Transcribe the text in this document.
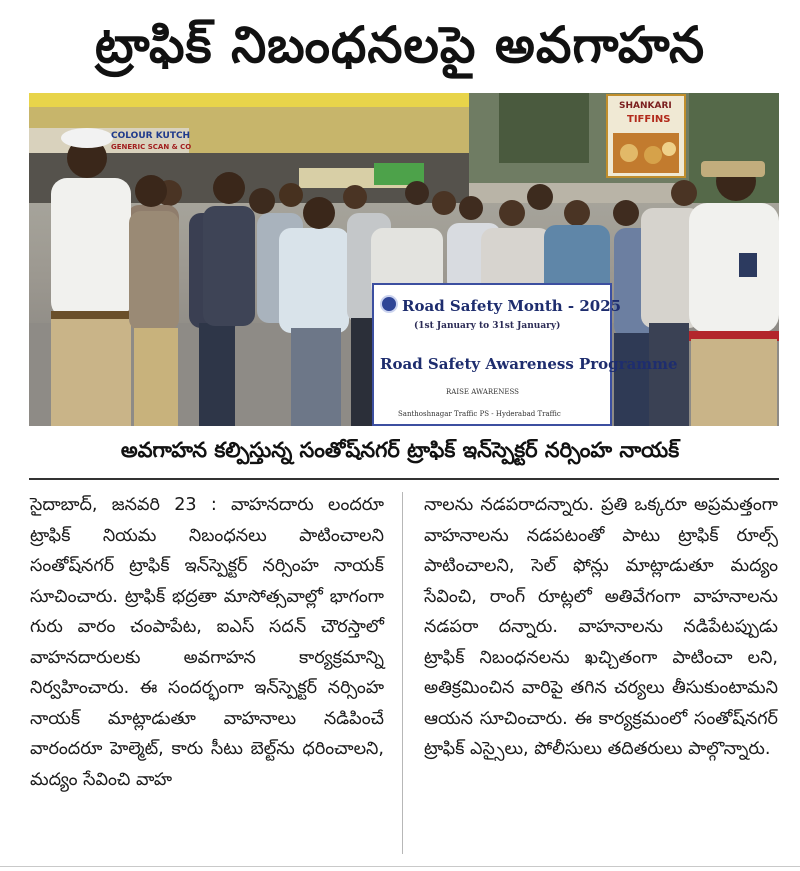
ట్రాఫిక్ నిబంధనలపై అవగాహన
COLOUR KUTCH
GENERIC SCAN & CO
SHANKARI
TIFFINS
Road Safety Month - 2025
(1st January to 31st January)
Road Safety Awareness Programme
RAISE AWARENESS
Santhoshnagar Traffic PS - Hyderabad Traffic
అవగాహన కల్పిస్తున్న సంతోష్‌నగర్ ట్రాఫిక్ ఇన్‌స్పెక్టర్ నర్సింహ నాయక్

సైదాబాద్, జనవరి 23 : వాహనదారు లందరూ ట్రాఫిక్ నియమ నిబంధనలు పాటించాలని సంతోష్‌నగర్ ట్రాఫిక్ ఇన్‌స్పెక్టర్ నర్సింహ నాయక్ సూచించారు. ట్రాఫిక్ భద్రతా మాసోత్సవాల్లో భాగంగా గురు వారం చంపాపేట, ఐఎస్ సదన్ చౌరస్తాలో వాహనదారులకు అవగాహన కార్యక్రమాన్ని నిర్వహించారు. ఈ సందర్భంగా ఇన్‌స్పెక్టర్ నర్సింహ నాయక్ మాట్లాడుతూ వాహనాలు నడిపించే వారందరూ హెల్మెట్, కారు సీటు బెల్ట్‌ను ధరించాలని, మద్యం సేవించి వాహ

నాలను నడపరాదన్నారు. ప్రతి ఒక్కరూ అప్రమత్తంగా వాహనాలను నడపటంతో పాటు ట్రాఫిక్ రూల్స్ పాటించాలని, సెల్ ఫోన్లు మాట్లాడుతూ మద్యం సేవించి, రాంగ్ రూట్లలో అతివేగంగా వాహనాలను నడపరా దన్నారు. వాహనాలను నడిపేటప్పుడు ట్రాఫిక్ నిబంధనలను ఖచ్చితంగా పాటించా లని, అతిక్రమించిన వారిపై తగిన చర్యలు తీసుకుంటామని ఆయన సూచించారు. ఈ కార్యక్రమంలో సంతోష్‌నగర్ ట్రాఫిక్ ఎస్సైలు, పోలీసులు తదితరులు పాల్గొన్నారు.
